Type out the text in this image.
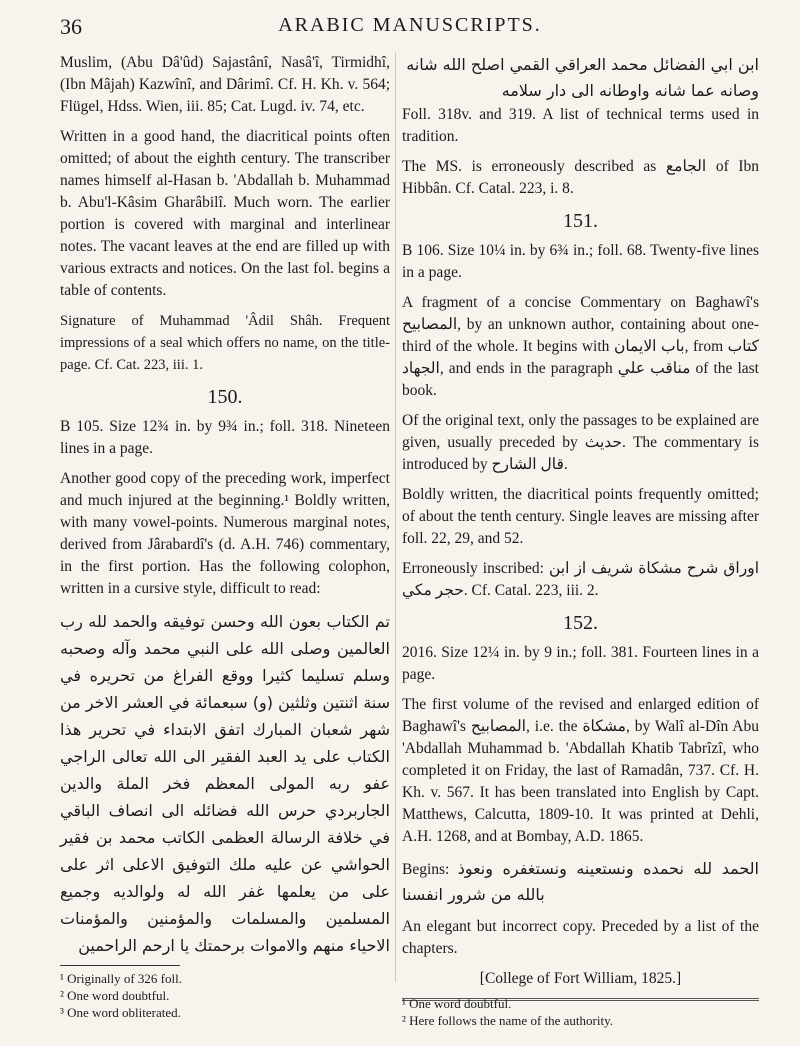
36	ARABIC MANUSCRIPTS.

Muslim, (Abu Dâ'ûd) Sajastânî, Nasâ'î, Tirmidhî, (Ibn Mâjah) Kazwînî, and Dârimî. Cf. H. Kh. v. 564; Flügel, Hdss. Wien, iii. 85; Cat. Lugd. iv. 74, etc.

Written in a good hand, the diacritical points often omitted; of about the eighth century. The transcriber names himself al-Hasan b. 'Abdallah b. Muhammad b. Abu'l-Kâsim Gharâbilî. Much worn. The earlier portion is covered with marginal and interlinear notes. The vacant leaves at the end are filled up with various extracts and notices. On the last fol. begins a table of contents.

Signature of Muhammad 'Âdil Shâh. Frequent impressions of a seal which offers no name, on the title-page. Cf. Cat. 223, iii. 1.

150.

B 105. Size 12¾ in. by 9¾ in.; foll. 318. Nineteen lines in a page.

Another good copy of the preceding work, imperfect and much injured at the beginning.¹ Boldly written, with many vowel-points. Numerous marginal notes, derived from Jârabardî's (d. A.H. 746) commentary, in the first portion. Has the following colophon, written in a cursive style, difficult to read:

تم الكتاب بعون الله وحسن توفيقه والحمد لله رب العالمين وصلى الله على النبي محمد وآله وصحبه وسلم تسليما كثيرا ووقع الفراغ من تحريره في سنة اثنتين وثلثين (و) سبعمائة في العشر الاخر من شهر شعبان المبارك اتفق الابتداء في تحرير هذا الكتاب على يد العبد الفقير الى الله تعالى الراجي عفو ربه المولى المعظم فخر الملة والدين الجاربردي حرس الله فضائله الى انصاف الباقي في خلافة الرسالة العظمى الكاتب محمد بن فقير الحواشي عن عليه ملك التوفيق الاعلى اثر على على من يعلمها غفر الله له ولوالديه وجميع المسلمين والمسلمات والمؤمنين والمؤمنات الاحياء منهم والاموات برحمتك يا ارحم الراحمين
¹ Originally of 326 foll.
² One word doubtful.
³ One word obliterated.
ابن ابي الفضائل محمد العراقي القمي اصلح الله شانه وصانه عما شانه واوطانه الى دار سلامه

Foll. 318v. and 319. A list of technical terms used in tradition.

The MS. is erroneously described as الجامع of Ibn Hibbân. Cf. Catal. 223, i. 8.

151.

B 106. Size 10¼ in. by 6¾ in.; foll. 68. Twenty-five lines in a page.

A fragment of a concise Commentary on Baghawî's المصابيح, by an unknown author, containing about one-third of the whole. It begins with باب الايمان, from كتاب الجهاد, and ends in the paragraph مناقب علي of the last book.

Of the original text, only the passages to be explained are given, usually preceded by حديث. The commentary is introduced by قال الشارح.

Boldly written, the diacritical points frequently omitted; of about the tenth century. Single leaves are missing after foll. 22, 29, and 52.

Erroneously inscribed: اوراق شرح مشكاة شريف از ابن حجر مكي. Cf. Catal. 223, iii. 2.

152.

2016. Size 12¼ in. by 9 in.; foll. 381. Fourteen lines in a page.

The first volume of the revised and enlarged edition of Baghawî's المصابيح, i.e. the مشكاة, by Walî al-Dîn Abu 'Abdallah Muhammad b. 'Abdallah Khatib Tabrîzî, who completed it on Friday, the last of Ramadân, 737. Cf. H. Kh. v. 567. It has been translated into English by Capt. Matthews, Calcutta, 1809-10. It was printed at Dehli, A.H. 1268, and at Bombay, A.D. 1865.

Begins: الحمد لله نحمده ونستعينه ونستغفره ونعوذ بالله من شرور انفسنا

An elegant but incorrect copy. Preceded by a list of the chapters.

[College of Fort William, 1825.]

¹ One word doubtful.
² Here follows the name of the authority.
